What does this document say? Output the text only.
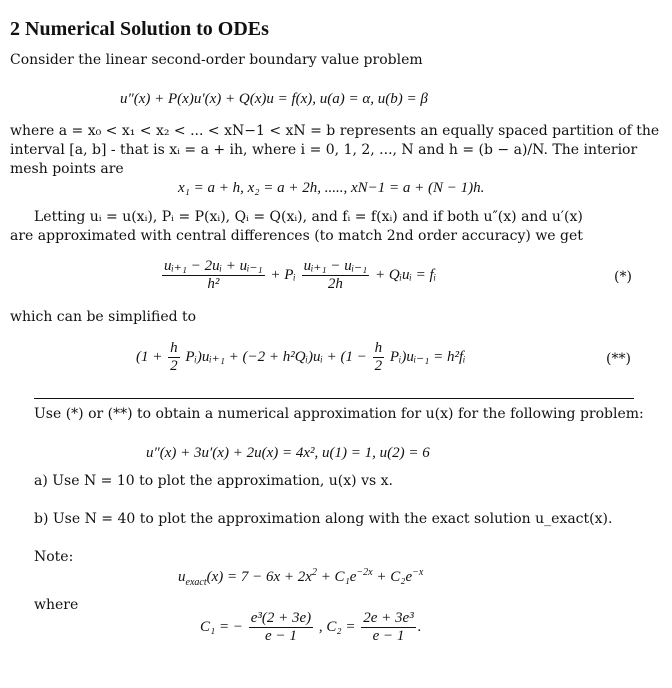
2 Numerical Solution to ODEs
Consider the linear second-order boundary value problem
u″(x) + P(x)u′(x) + Q(x)u = f(x), u(a) = α, u(b) = β
where a = x₀ < x₁ < x₂ < ... < xN−1 < xN = b represents an equally spaced partition of the
interval [a, b] - that is xᵢ = a + ih, where i = 0, 1, 2, ..., N and h = (b − a)/N. The interior
mesh points are
x₁ = a + h, x₂ = a + 2h, ....., xN−1 = a + (N − 1)h.
Letting uᵢ = u(xᵢ), Pᵢ = P(xᵢ), Qᵢ = Q(xᵢ), and fᵢ = f(xᵢ) and if both u″(x) and u′(x)
are approximated with central differences (to match 2nd order accuracy) we get
$\frac{\text{uᵢ₊₁ − 2uᵢ + uᵢ₋₁}}{\text{h²}}$ + Pᵢ $\frac{\text{uᵢ₊₁ − uᵢ₋₁}}{2h}$ + Qᵢuᵢ = fᵢ	(*)
which can be simplified to
($1 + \frac{h}{2}$ Pᵢ)uᵢ₊₁ + (−2 + h²Qᵢ)uᵢ + ($1 - \frac{h}{2}$ Pᵢ)uᵢ₋₁ = h²fᵢ	(**)
Use (*) or (**) to obtain a numerical approximation for u(x) for the following problem:
u″(x) + 3u′(x) + 2u(x) = 4x², u(1) = 1, u(2) = 6
a) Use N = 10 to plot the approximation, u(x) vs x.
b) Use N = 40 to plot the approximation along with the exact solution u_exact(x).
Note:
$u_{exact}(x) = 7 - 6x + 2x^2 + C_1e^{-2x} + C_2e^{-x}$
where
C₁ = − $\frac{\text{e³(2 + 3e)}}{e - 1}$ , $C_2 = \frac{\text{2e + 3e³}}{e - 1}$ .
